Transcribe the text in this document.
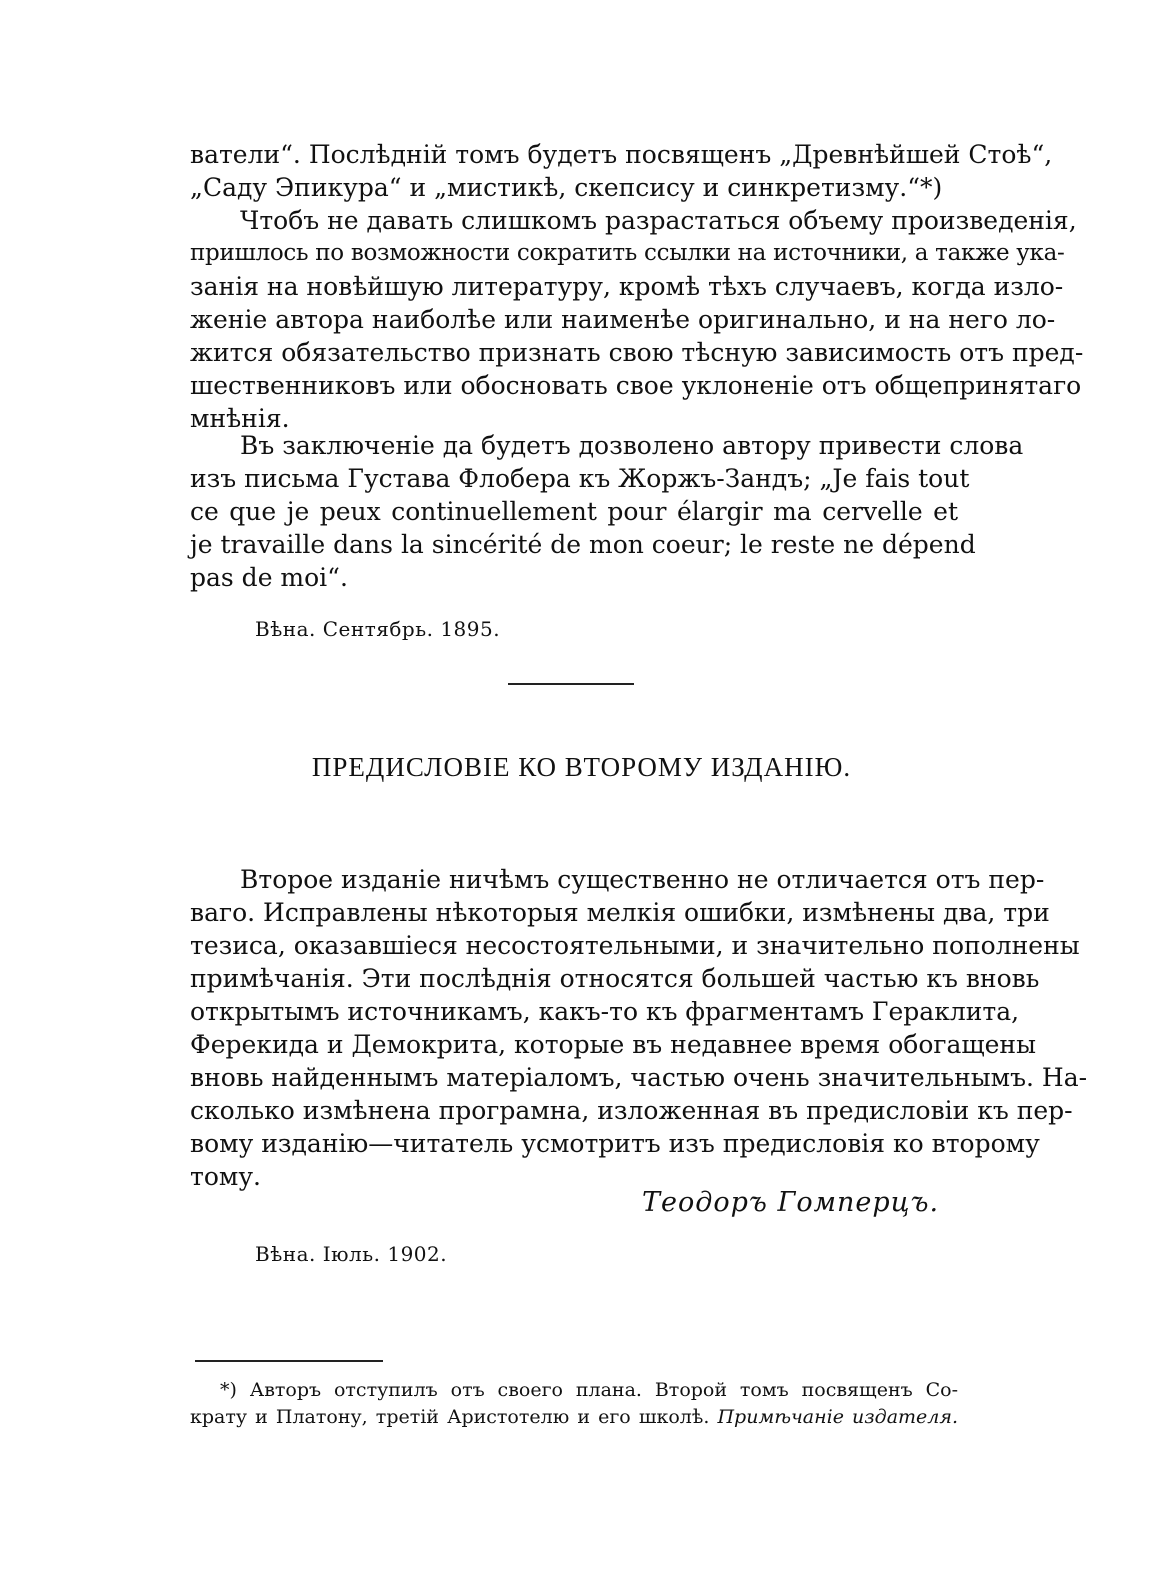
ватели“. Послѣдній томъ будетъ посвященъ „Древнѣйшей Стоѣ“,
„Саду Эпикура“ и „мистикѣ, скепсису и синкретизму.“*)
Чтобъ не давать слишкомъ разрастаться объему произведенія,
пришлось по возможности сократить ссылки на источники, а также ука-
занія на новѣйшую литературу, кромѣ тѣхъ случаевъ, когда изло-
женіе автора наиболѣе или наименѣе оригинально, и на него ло-
жится обязательство признать свою тѣсную зависимость отъ пред-
шественниковъ или обосновать свое уклоненіе отъ общепринятаго
мнѣнія.
Въ заключеніе да будетъ дозволено автору привести слова
изъ письма Густава Флобера къ Жоржъ-Зандъ; „Je fais tout
ce que je peux continuellement pour élargir ma cervelle et
je travaille dans la sincérité de mon coeur; le reste ne dépend
pas de moi“.
Вѣна. Сентябрь. 1895.
ПРЕДИСЛОВІЕ КО ВТОРОМУ ИЗДАНІЮ.
Второе изданіе ничѣмъ существенно не отличается отъ пер-
ваго. Исправлены нѣкоторыя мелкія ошибки, измѣнены два, три
тезиса, оказавшіеся несостоятельными, и значительно пополнены
примѣчанія. Эти послѣднія относятся большей частью къ вновь
открытымъ источникамъ, какъ-то къ фрагментамъ Гераклита,
Ферекида и Демокрита, которые въ недавнее время обогащены
вновь найденнымъ матеріаломъ, частью очень значительнымъ. На-
сколько измѣнена програмна, изложенная въ предисловіи къ пер-
вому изданію—читатель усмотритъ изъ предисловія ко второму
тому.
Теодоръ Гомперцъ.
Вѣна. Іюль. 1902.
*) Авторъ отступилъ отъ своего плана. Второй томъ посвященъ Со-
крату и Платону, третій Аристотелю и его школѣ. Примѣчаніе издателя.
